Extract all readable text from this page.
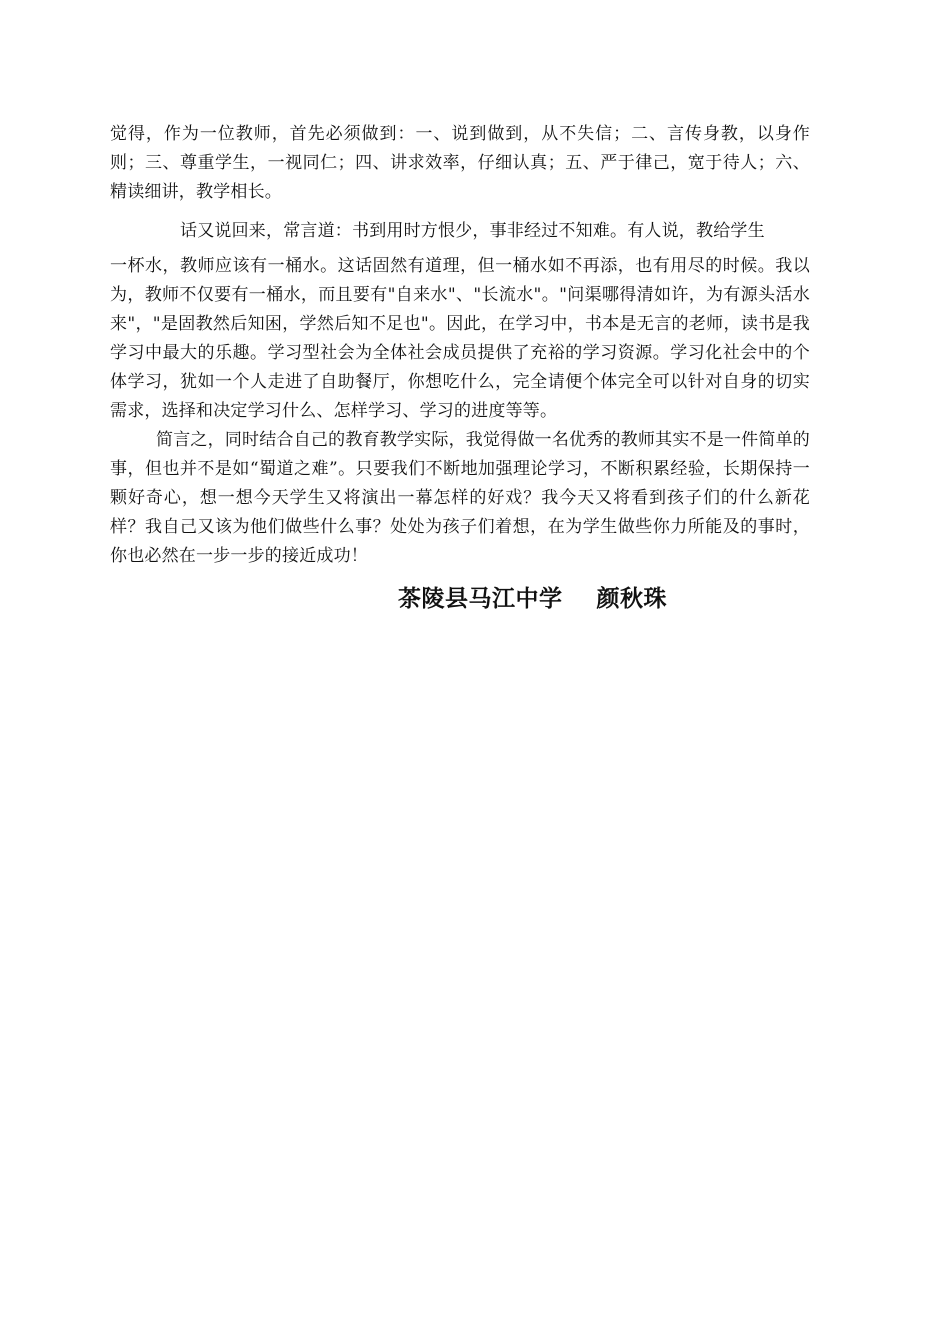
觉得，作为一位教师，首先必须做到：一、说到做到，从不失信；二、言传身教，以身作则；三、尊重学生，一视同仁；四、讲求效率，仔细认真；五、严于律己，宽于待人；六、精读细讲，教学相长。

话又说回来，常言道：书到用时方恨少，事非经过不知难。有人说，教给学生

一杯水，教师应该有一桶水。这话固然有道理，但一桶水如不再添，也有用尽的时候。我以为，教师不仅要有一桶水，而且要有"自来水"、"长流水"。"问渠哪得清如许，为有源头活水来"，"是固教然后知困，学然后知不足也"。因此，在学习中，书本是无言的老师，读书是我学习中最大的乐趣。学习型社会为全体社会成员提供了充裕的学习资源。学习化社会中的个体学习，犹如一个人走进了自助餐厅，你想吃什么，完全请便个体完全可以针对自身的切实需求，选择和决定学习什么、怎样学习、学习的进度等等。

简言之，同时结合自己的教育教学实际，我觉得做一名优秀的教师其实不是一件简单的事，但也并不是如“蜀道之难”。只要我们不断地加强理论学习，不断积累经验，长期保持一颗好奇心，想一想今天学生又将演出一幕怎样的好戏？我今天又将看到孩子们的什么新花样？我自己又该为他们做些什么事？处处为孩子们着想，在为学生做些你力所能及的事时，你也必然在一步一步的接近成功！

茶陵县马江中学    颜秋珠
